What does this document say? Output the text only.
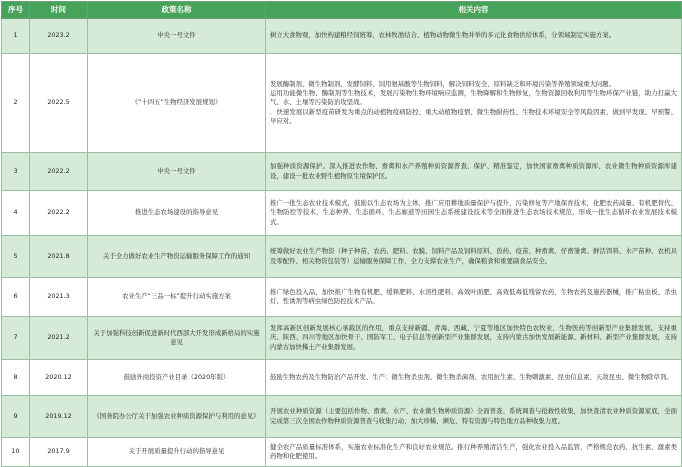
序号	时间	政策名称	相关内容
1	2023.2	中央一号文件	树立大食物观，加快构建粮经饲统筹、农林牧渔结合、植物动物微生物并举的多元化食物供给体系，分领域制定实施方案。

2	2022.5	《“十四五”生物经济发展规划》	发展酶制剂、微生物制剂、发酵饲料、饲用氨基酸等生物饲料，解决饲料安全、原料缺乏和环境污染等养殖领域重大问题。
运用功能微生物、酶制剂等生物技术，发展污染物生物环境响应监测，生物降解和生物修复，生物资源回收利用等生物环保产业链，助力打赢大气、水、土壤等污染防治攻坚战。
．快速发展以新型疫苗研发为重点的动植物疫病防控、重大动植物疫情、微生物耐药性、生物技术环境安全等风险因素，做到早发现、早预警、早应对。

3	2022.2	中央一号文件	加强种质资源保护。深入推进农作物、畜禽和水产养殖种质资源普查、保护、精准鉴定，加快国家畜禽种质资源库、农业微生物种质资源库建设，建设一批农业野生植物原生境保护区。

4	2022.2	推进生态农场建设的指导意见	推广一批生态农业技术模式，鼓励以生态农场为主体，推广应用耕地质量保护与提升、污染修复等产地保育技术，化肥农药减量、有机肥替代、生物防控等技术，生态种养、生态循环、生态廊道等田园生态系统建设技术等全面推进生态农场技术规范，形成一批生态循环农业发展技术模式。

5	2021.8	关于全力做好农业生产物资运输服务保障工作的通知	统筹做好农业生产物资（种子种苗、农药、肥料、农膜、饲料产品及饲料原料、兽药、疫苗、种畜禽、仔畜雏禽、鲜活饵料、水产苗种、农机具及零配件、相关物资包装等）运输服务保障工作，全力支撑农业生产，确保粮食和重要副食品安全。

6	2021.3	农业生产“三品一标”提升行动实施方案	推广绿色投入品，加快推广生物有机肥、缓释肥料、水溶性肥料、高效叶面肥、高效低毒低残留农药、生物农药及施药器械，推广粘虫板、杀虫灯、性诱剂等病虫绿色防控技术产品。

7	2021.2	关于加强科技创新促进新时代西部大开发形成新格局的实施意见	发挥高新区创新发展核心承载区的作用，重点支持新疆、青海、西藏、宁夏等地区加快特色农牧业、生物医药等创新型产业集群发展。支持重庆、陕西、四川等地区加快骨干、国防军工、电子信息等创新型产业集群发展，支持内蒙古加快发展新能源、新材料、新型产业集群发展，支持内蒙古加快稀土产业集群发展。

8	2020.12	鼓励外商投资产业目录（2020年版）	鼓励生物农药及生物防治产品开发、生产：微生物杀虫剂、微生物杀菌剂、农用抗生素、生物刺激素、昆虫信息素、天敌昆虫、微生物除草剂。

9	2019.12	《国务院办公厅关于加强农业种质资源保护与利用的意见》	开展农业种质资源（主要包括作物、畜禽、水产、农业微生物种质资源）全面普查、系统调查与抢救性收集，加快查清农业种质资源家底，全面完成第三次全国农作物种质资源普查与收集行动，加大珍稀、濒危、特有资源与特色地方品种收集力度。

10	2017.9	关于开展质量提升行动的指导意见	健全农产品质量标准体系，实施农业标准化生产和良好农业规范。推行种养殖清洁生产，强化农业投入品监管，严格规范农药、抗生素、激素类药物和化肥使用。
